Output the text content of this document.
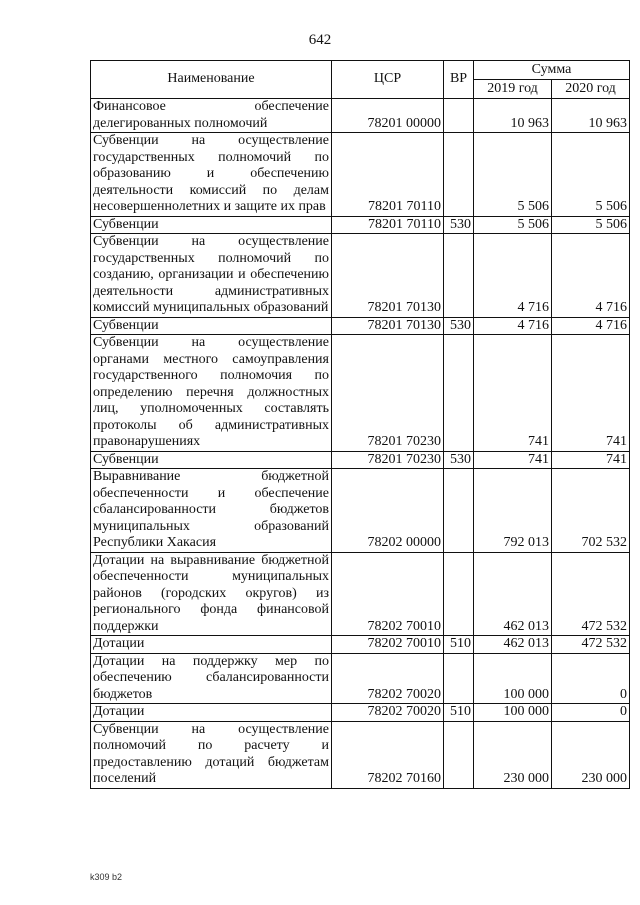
642
Наименование	ЦСР	ВР	Сумма	
			2019 год	2020 год
Финансовое обеспечение делегированных полномочий	78201 00000		10 963	10 963
Субвенции на осуществление государственных полномочий по образованию и обеспечению деятельности комиссий по делам несовершеннолетних и защите их прав	78201 70110		5 506	5 506
Субвенции	78201 70110	530	5 506	5 506
Субвенции на осуществление государственных полномочий по созданию, организации и обеспечению деятельности административных комиссий муниципальных образований	78201 70130		4 716	4 716
Субвенции	78201 70130	530	4 716	4 716
Субвенции на осуществление органами местного самоуправления государственного полномочия по определению перечня должностных лиц, уполномоченных составлять протоколы об административных правонарушениях	78201 70230		741	741
Субвенции	78201 70230	530	741	741
Выравнивание бюджетной обеспеченности и обеспечение сбалансированности бюджетов муниципальных образований Республики Хакасия	78202 00000		792 013	702 532
Дотации на выравнивание бюджетной обеспеченности муниципальных районов (городских округов) из регионального фонда финансовой поддержки	78202 70010		462 013	472 532
Дотации	78202 70010	510	462 013	472 532
Дотации на поддержку мер по обеспечению сбалансированности бюджетов	78202 70020		100 000	0
Дотации	78202 70020	510	100 000	0
Субвенции на осуществление полномочий по расчету и предоставлению дотаций бюджетам поселений	78202 70160		230 000	230 000
k309 b2
